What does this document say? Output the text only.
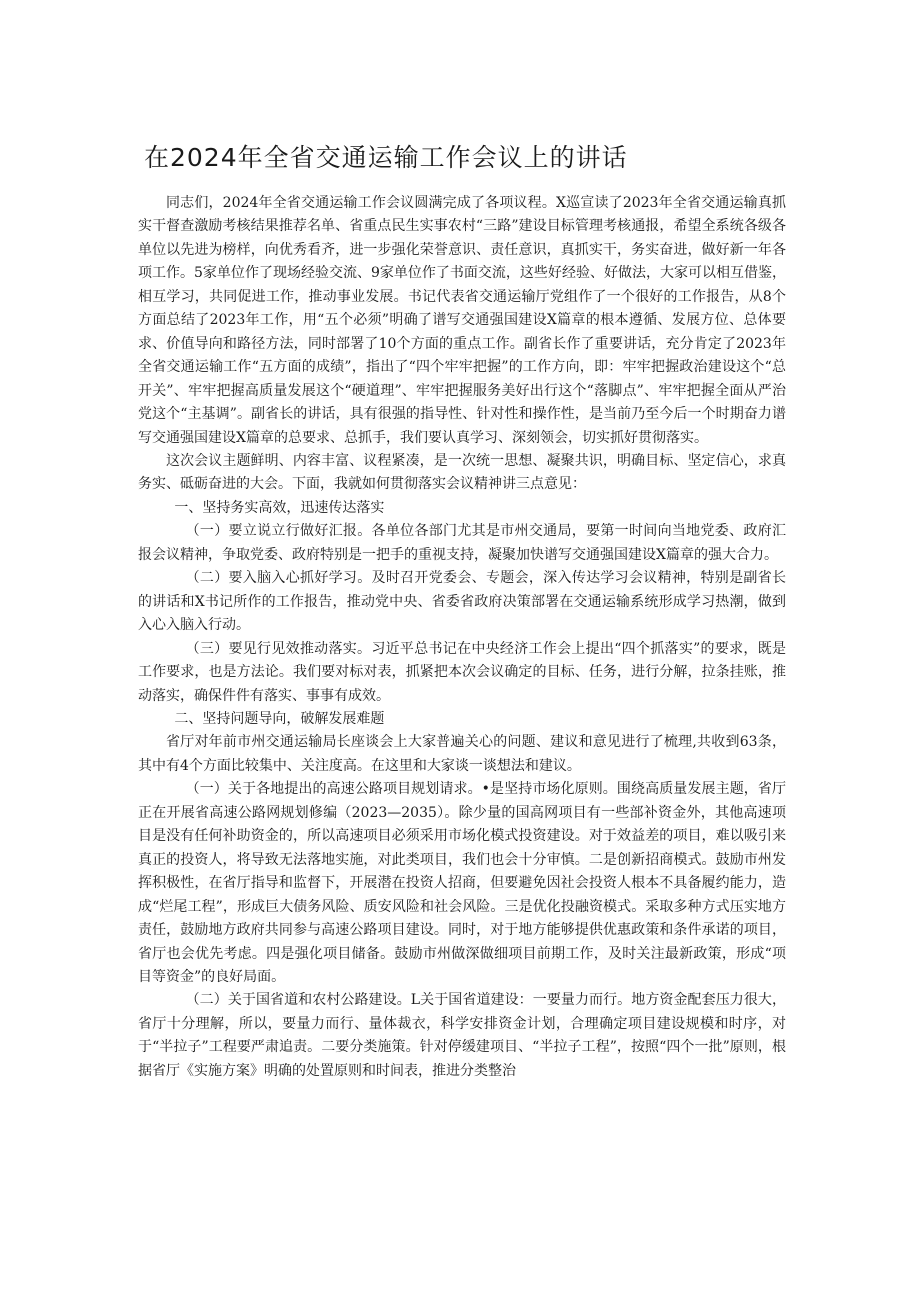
在2024年全省交通运输工作会议上的讲话

同志们，2024年全省交通运输工作会议圆满完成了各项议程。X巡宣读了2023年全省交通运输真抓实干督查激励考核结果推荐名单、省重点民生实事农村“三路”建设目标管理考核通报，希望全系统各级各单位以先进为榜样，向优秀看齐，进一步强化荣誉意识、责任意识，真抓实干，务实奋进，做好新一年各项工作。5家单位作了现场经验交流、9家单位作了书面交流，这些好经验、好做法，大家可以相互借鉴，相互学习，共同促进工作，推动事业发展。书记代表省交通运输厅党组作了一个很好的工作报告，从8个方面总结了2023年工作，用“五个必须”明确了谱写交通强国建设X篇章的根本遵循、发展方位、总体要求、价值导向和路径方法，同时部署了10个方面的重点工作。副省长作了重要讲话，充分肯定了2023年全省交通运输工作“五方面的成绩”，指出了“四个牢牢把握”的工作方向，即：牢牢把握政治建设这个“总开关”、牢牢把握高质量发展这个“硬道理”、牢牢把握服务美好出行这个“落脚点”、牢牢把握全面从严治党这个“主基调”。副省长的讲话，具有很强的指导性、针对性和操作性，是当前乃至今后一个时期奋力谱写交通强国建设X篇章的总要求、总抓手，我们要认真学习、深刻领会，切实抓好贯彻落实。

这次会议主题鲜明、内容丰富、议程紧凑，是一次统一思想、凝聚共识，明确目标、坚定信心，求真务实、砥砺奋进的大会。下面，我就如何贯彻落实会议精神讲三点意见：

一、坚持务实高效，迅速传达落实

（一）要立说立行做好汇报。各单位各部门尤其是市州交通局，要第一时间向当地党委、政府汇报会议精神，争取党委、政府特别是一把手的重视支持，凝聚加快谱写交通强国建设X篇章的强大合力。

（二）要入脑入心抓好学习。及时召开党委会、专题会，深入传达学习会议精神，特别是副省长的讲话和X书记所作的工作报告，推动党中央、省委省政府决策部署在交通运输系统形成学习热潮，做到入心入脑入行动。

（三）要见行见效推动落实。习近平总书记在中央经济工作会上提出“四个抓落实”的要求，既是工作要求，也是方法论。我们要对标对表，抓紧把本次会议确定的目标、任务，进行分解，拉条挂账，推动落实，确保件件有落实、事事有成效。

二、坚持问题导向，破解发展难题

省厅对年前市州交通运输局长座谈会上大家普遍关心的问题、建议和意见进行了梳理,共收到63条，其中有4个方面比较集中、关注度高。在这里和大家谈一谈想法和建议。

（一）关于各地提出的高速公路项目规划请求。•是坚持市场化原则。围绕高质量发展主题，省厅正在开展省高速公路网规划修编（2023—2035）。除少量的国高网项目有一些部补资金外，其他高速项目是没有任何补助资金的，所以高速项目必须采用市场化模式投资建设。对于效益差的项目，难以吸引来真正的投资人，将导致无法落地实施，对此类项目，我们也会十分审慎。二是创新招商模式。鼓励市州发挥积极性，在省厅指导和监督下，开展潜在投资人招商，但要避免因社会投资人根本不具备履约能力，造成“烂尾工程”，形成巨大债务风险、质安风险和社会风险。三是优化投融资模式。采取多种方式压实地方责任，鼓励地方政府共同参与高速公路项目建设。同时，对于地方能够提供优惠政策和条件承诺的项目，省厅也会优先考虑。四是强化项目储备。鼓励市州做深做细项目前期工作，及时关注最新政策，形成“项目等资金”的良好局面。

（二）关于国省道和农村公路建设。L关于国省道建设：一要量力而行。地方资金配套压力很大，省厅十分理解，所以，要量力而行、量体裁衣，科学安排资金计划，合理确定项目建设规模和时序，对于“半拉子”工程要严肃追责。二要分类施策。针对停缓建项目、“半拉子工程”，按照“四个一批”原则，根据省厅《实施方案》明确的处置原则和时间表，推进分类整治
